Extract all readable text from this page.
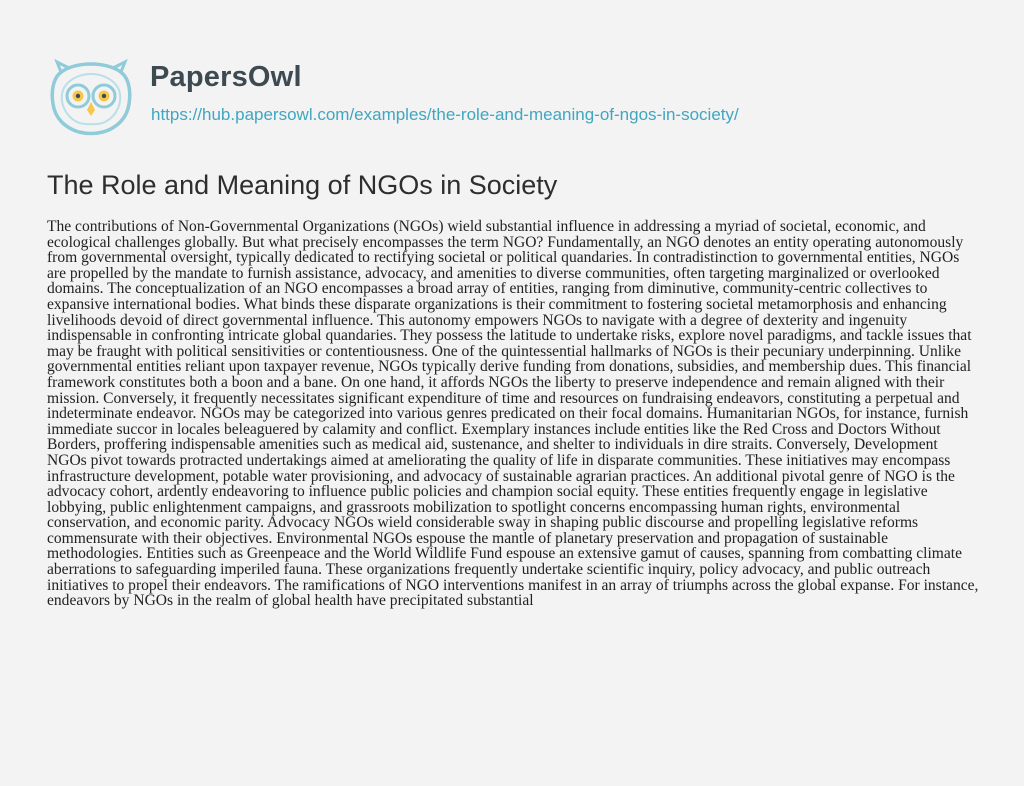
PapersOwl
https://hub.papersowl.com/examples/the-role-and-meaning-of-ngos-in-society/
The Role and Meaning of NGOs in Society

The contributions of Non-Governmental Organizations (NGOs) wield substantial influence in addressing a myriad of societal, economic, and ecological challenges globally. But what precisely encompasses the term NGO? Fundamentally, an NGO denotes an entity operating autonomously from governmental oversight, typically dedicated to rectifying societal or political quandaries. In contradistinction to governmental entities, NGOs are propelled by the mandate to furnish assistance, advocacy, and amenities to diverse communities, often targeting marginalized or overlooked domains. The conceptualization of an NGO encompasses a broad array of entities, ranging from diminutive, community-centric collectives to expansive international bodies. What binds these disparate organizations is their commitment to fostering societal metamorphosis and enhancing livelihoods devoid of direct governmental influence. This autonomy empowers NGOs to navigate with a degree of dexterity and ingenuity indispensable in confronting intricate global quandaries. They possess the latitude to undertake risks, explore novel paradigms, and tackle issues that may be fraught with political sensitivities or contentiousness. One of the quintessential hallmarks of NGOs is their pecuniary underpinning. Unlike governmental entities reliant upon taxpayer revenue, NGOs typically derive funding from donations, subsidies, and membership dues. This financial framework constitutes both a boon and a bane. On one hand, it affords NGOs the liberty to preserve independence and remain aligned with their mission. Conversely, it frequently necessitates significant expenditure of time and resources on fundraising endeavors, constituting a perpetual and indeterminate endeavor. NGOs may be categorized into various genres predicated on their focal domains. Humanitarian NGOs, for instance, furnish immediate succor in locales beleaguered by calamity and conflict. Exemplary instances include entities like the Red Cross and Doctors Without Borders, proffering indispensable amenities such as medical aid, sustenance, and shelter to individuals in dire straits. Conversely, Development NGOs pivot towards protracted undertakings aimed at ameliorating the quality of life in disparate communities. These initiatives may encompass infrastructure development, potable water provisioning, and advocacy of sustainable agrarian practices. An additional pivotal genre of NGO is the advocacy cohort, ardently endeavoring to influence public policies and champion social equity. These entities frequently engage in legislative lobbying, public enlightenment campaigns, and grassroots mobilization to spotlight concerns encompassing human rights, environmental conservation, and economic parity. Advocacy NGOs wield considerable sway in shaping public discourse and propelling legislative reforms commensurate with their objectives. Environmental NGOs espouse the mantle of planetary preservation and propagation of sustainable methodologies. Entities such as Greenpeace and the World Wildlife Fund espouse an extensive gamut of causes, spanning from combatting climate aberrations to safeguarding imperiled fauna. These organizations frequently undertake scientific inquiry, policy advocacy, and public outreach initiatives to propel their endeavors. The ramifications of NGO interventions manifest in an array of triumphs across the global expanse. For instance, endeavors by NGOs in the realm of global health have precipitated substantial
